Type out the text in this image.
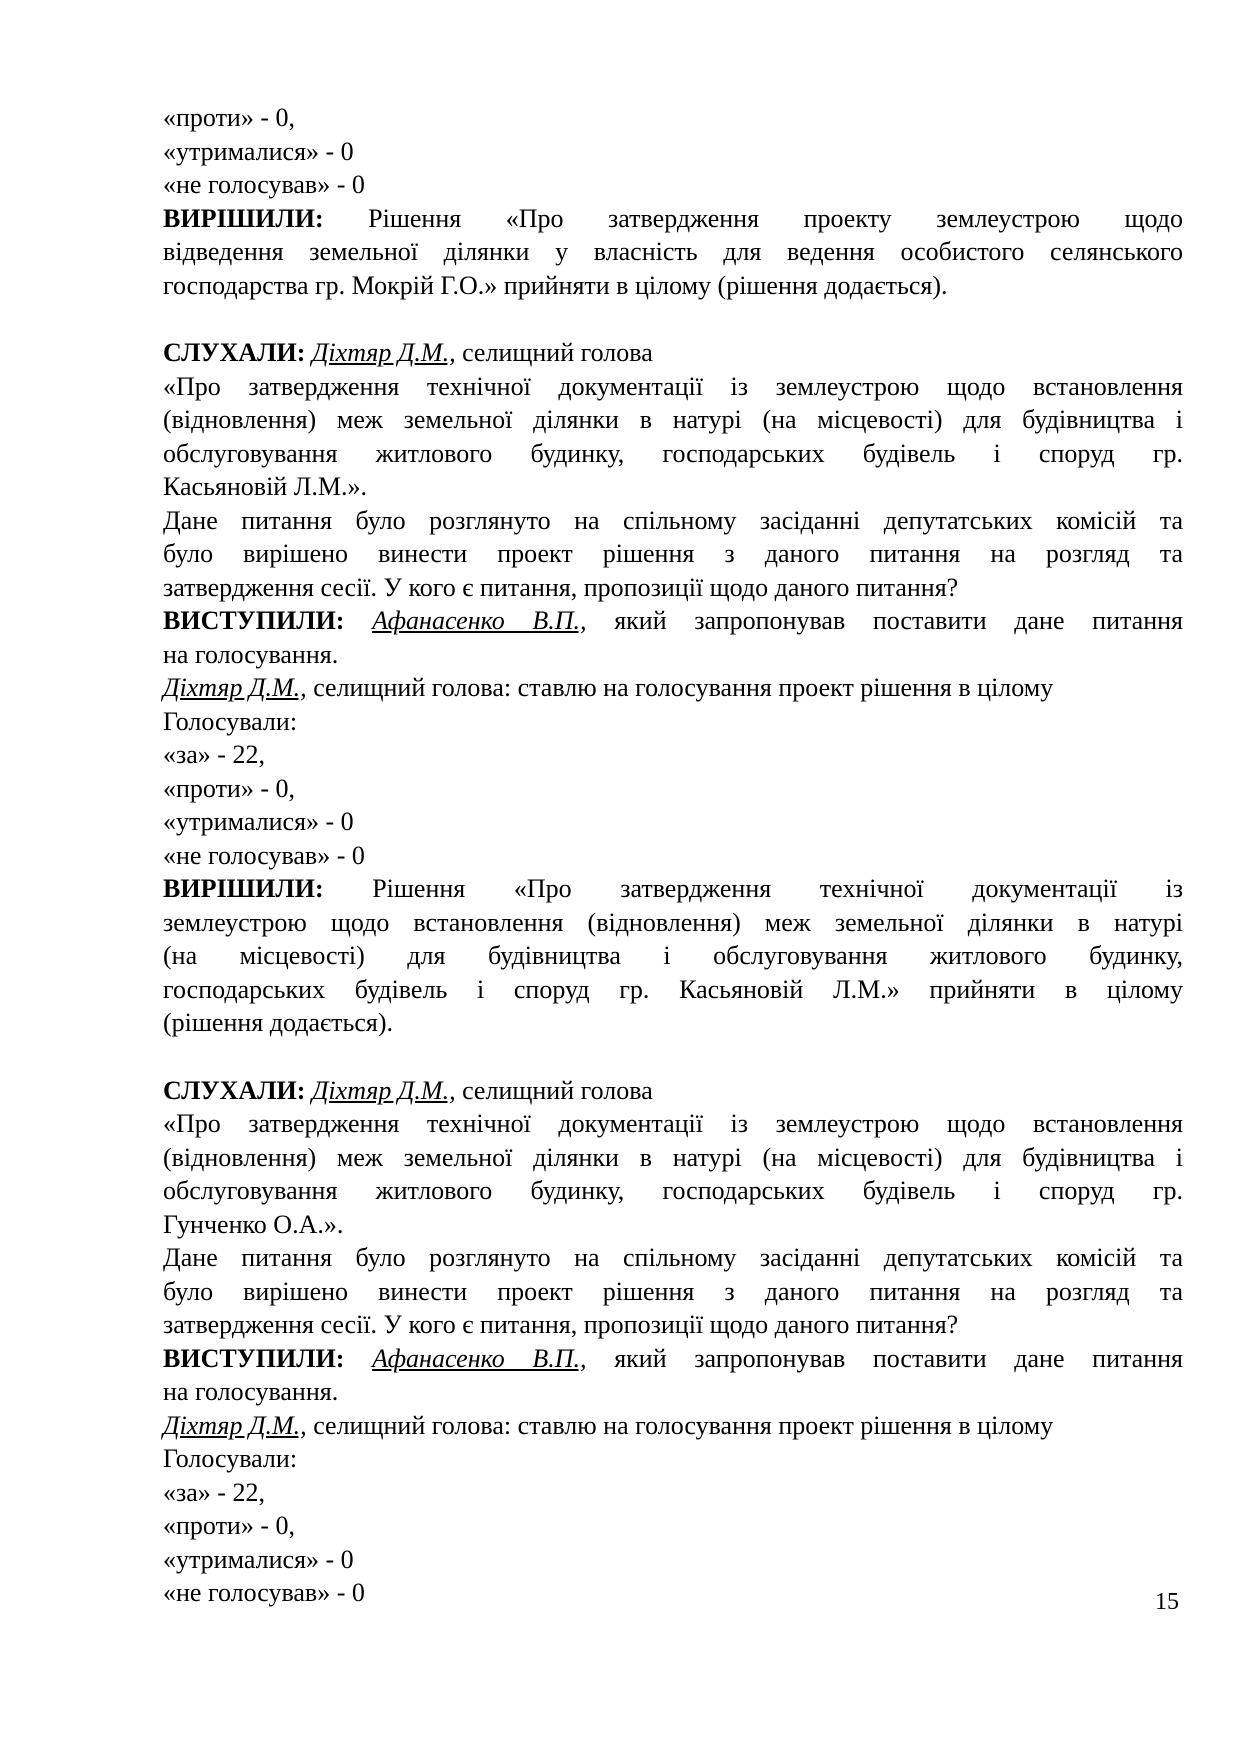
«проти» - 0,
«утрималися» - 0
«не голосував» - 0
ВИРІШИЛИ: Рішення «Про затвердження проекту землеустрою щодо
відведення земельної ділянки у власність для ведення особистого селянського
господарства гр. Мокрій Г.О.» прийняти в цілому (рішення додається).
СЛУХАЛИ: Діхтяр Д.М., селищний голова
«Про затвердження технічної документації із землеустрою щодо встановлення
(відновлення) меж земельної ділянки в натурі (на місцевості) для будівництва і
обслуговування житлового будинку, господарських будівель і споруд гр.
Касьяновій Л.М.».
Дане питання було розглянуто на спільному засіданні депутатських комісій та
було вирішено винести проект рішення з даного питання на розгляд та
затвердження сесії. У кого є питання, пропозиції щодо даного питання?
ВИСТУПИЛИ: Афанасенко В.П., який запропонував поставити дане питання
на голосування.
Діхтяр Д.М., селищний голова: ставлю на голосування проект рішення в цілому
Голосували:
«за» - 22,
«проти» - 0,
«утрималися» - 0
«не голосував» - 0
ВИРІШИЛИ: Рішення «Про затвердження технічної документації із
землеустрою щодо встановлення (відновлення) меж земельної ділянки в натурі
(на місцевості) для будівництва і обслуговування житлового будинку,
господарських будівель і споруд гр. Касьяновій Л.М.» прийняти в цілому
(рішення додається).
СЛУХАЛИ: Діхтяр Д.М., селищний голова
«Про затвердження технічної документації із землеустрою щодо встановлення
(відновлення) меж земельної ділянки в натурі (на місцевості) для будівництва і
обслуговування житлового будинку, господарських будівель і споруд гр.
Гунченко О.А.».
Дане питання було розглянуто на спільному засіданні депутатських комісій та
було вирішено винести проект рішення з даного питання на розгляд та
затвердження сесії. У кого є питання, пропозиції щодо даного питання?
ВИСТУПИЛИ: Афанасенко В.П., який запропонував поставити дане питання
на голосування.
Діхтяр Д.М., селищний голова: ставлю на голосування проект рішення в цілому
Голосували:
«за» - 22,
«проти» - 0,
«утрималися» - 0
«не голосував» - 0	15
